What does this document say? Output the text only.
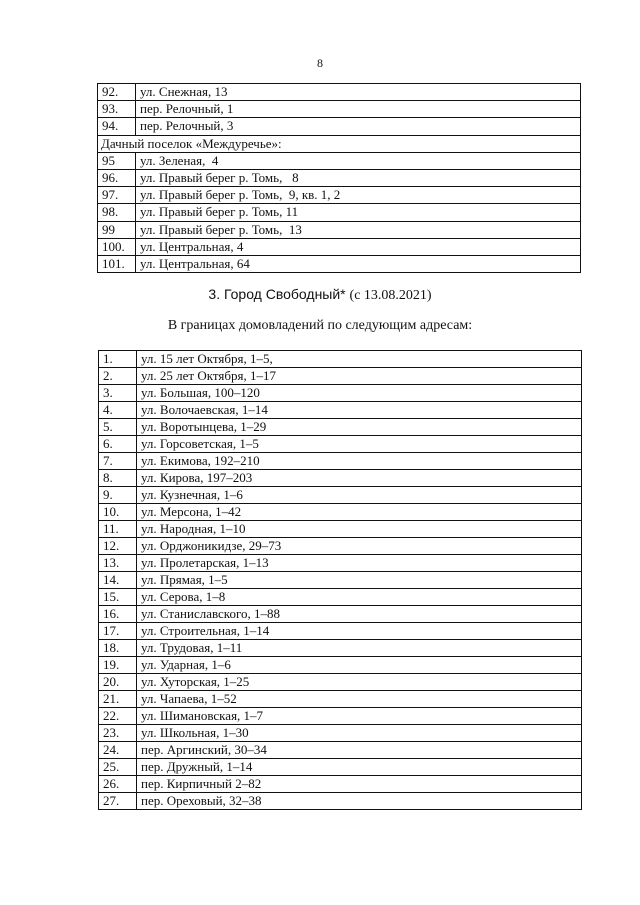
8
92.	ул. Снежная, 13
93.	пер. Релочный, 1
94.	пер. Релочный, 3
Дачный поселок «Междуречье»:	
95	ул. Зеленая,  4
96.	ул. Правый берег р. Томь,   8
97.	ул. Правый берег р. Томь,  9, кв. 1, 2
98.	ул. Правый берег р. Томь, 11
99	ул. Правый берег р. Томь,  13
100.	ул. Центральная, 4
101.	ул. Центральная, 64
3. Город Свободный* (с 13.08.2021)
В границах домовладений по следующим адресам:
1.	ул. 15 лет Октября, 1–5,
2.	ул. 25 лет Октября, 1–17
3.	ул. Большая, 100–120
4.	ул. Волочаевская, 1–14
5.	ул. Воротынцева, 1–29
6.	ул. Горсоветская, 1–5
7.	ул. Екимова, 192–210
8.	ул. Кирова, 197–203
9.	ул. Кузнечная, 1–6
10.	ул. Мерсона, 1–42
11.	ул. Народная, 1–10
12.	ул. Орджоникидзе, 29–73
13.	ул. Пролетарская, 1–13
14.	ул. Прямая, 1–5
15.	ул. Серова, 1–8
16.	ул. Станиславского, 1–88
17.	ул. Строительная, 1–14
18.	ул. Трудовая, 1–11
19.	ул. Ударная, 1–6
20.	ул. Хуторская, 1–25
21.	ул. Чапаева, 1–52
22.	ул. Шимановская, 1–7
23.	ул. Школьная, 1–30
24.	пер. Аргинский, 30–34
25.	пер. Дружный, 1–14
26.	пер. Кирпичный 2–82
27.	пер. Ореховый, 32–38
